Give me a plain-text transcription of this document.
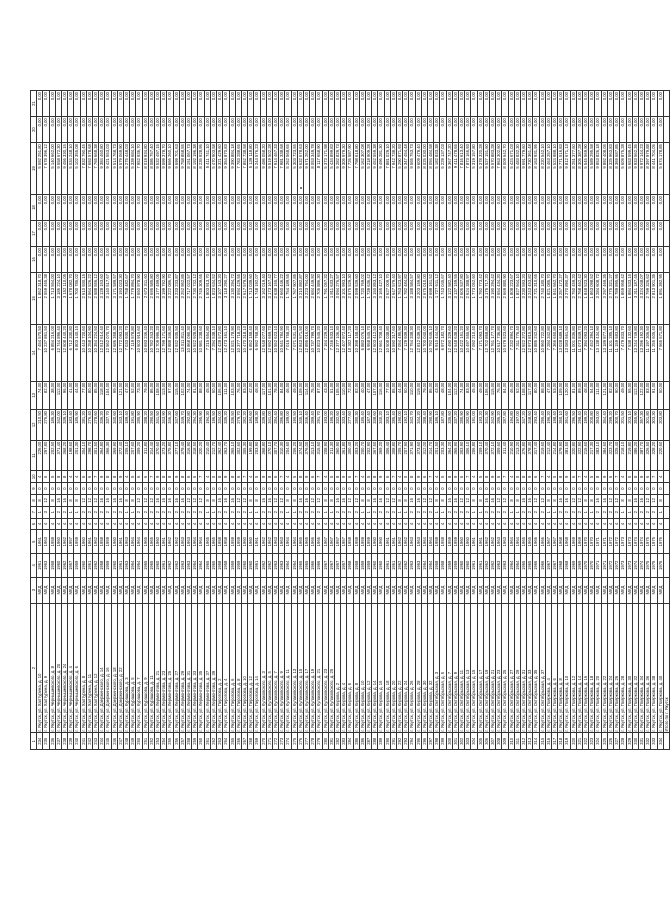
1	2	3	4	5	6	7	8	9	10	11	12	13	14	15	16	17	18	19	20	21
234	г. Якутск, ул. Халтурина, д. 10	МКД	1961	1961	4	1	8	0	4	226,00	210,50	74,00	7 454 570,50	1 862 318,70	0,00	0,00	0,00	5 592 251,80	0,00	0,00
235	г. Якутск, ул. Халтурина, д. 9	МКД	1963	1963	4	3	12	0	6	297,80	276,80	82,00	10 237 861,50	2 559 465,38	0,00	0,00	0,00	7 678 396,12	0,00	0,00
236	г. Якутск, ул. Чернышевского, д. 8	МКД	1958	1958	4	1	8	0	5	202,50	186,30	38,00	6 854 216,00	1 713 554,00	0,00	0,00	0,00	5 140 662,00	0,00	0,00
237	г. Якутск, ул. Чернышевского, д. 20	МКД	1960	1960	4	2	16	0	8	371,40	342,00	112,00	12 744 896,40	3 186 224,10	0,00	0,00	0,00	9 558 672,30	0,00	0,00
238	г. Якутск, ул. Чернышевского, д. 24	МКД	1962	1962	4	2	16	0	8	368,20	339,10	96,00	12 608 440,20	3 152 110,05	0,00	0,00	0,00	9 456 330,15	0,00	0,00
239	г. Якутск, ул. Чернышевского, д. 4	МКД	1957	1957	4	1	8	0	4	198,60	183,40	41,00	6 712 330,80	1 678 082,70	0,00	0,00	0,00	5 034 248,10	0,00	0,00
240	г. Якутск, ул. Чернышевского, д. 6	МКД	1959	1959	4	1	8	0	4	201,30	185,90	44,00	6 803 140,10	1 700 785,02	0,00	0,00	0,00	5 102 355,08	0,00	0,00
241	г. Якутск, ул. Халтурина, д. 8	МКД	1960	1960	4	2	12	0	6	304,10	281,20	77,00	10 443 720,60	2 610 930,15	0,00	0,00	0,00	7 832 790,45	0,00	0,00
242	г. Якутск, ул. Халтурина, д. 11	МКД	1961	1961	4	2	12	0	6	298,70	276,40	80,00	10 258 104,90	2 564 526,22	0,00	0,00	0,00	7 693 578,68	0,00	0,00
243	г. Якутск, ул. Халтурина, д. 12	МКД	1962	1962	4	2	12	0	7	301,50	278,60	85,00	10 354 224,50	2 588 556,12	0,00	0,00	0,00	7 765 668,38	0,00	0,00
244	г. Якутск, ул. Дзержинского, д. 14	МКД	1958	1958	4	2	16	0	9	364,80	336,20	118,00	12 512 614,40	3 128 153,60	0,00	0,00	0,00	9 384 460,80	0,00	0,00
245	г. Якутск, ул. Дзержинского, д. 16	МКД	1959	1959	4	2	16	0	8	366,30	337,70	104,00	12 562 070,70	3 140 517,67	0,00	0,00	0,00	9 421 553,03	0,00	0,00
246	г. Якутск, ул. Дзержинского, д. 18	МКД	1960	1960	4	2	16	0	8	369,90	340,60	99,00	12 686 358,30	3 171 589,57	0,00	0,00	0,00	9 514 768,73	0,00	0,00
247	г. Якутск, ул. Дзержинского, д. 22	МКД	1961	1961	4	2	16	0	9	372,40	343,10	121,00	12 772 093,20	3 193 023,30	0,00	0,00	0,00	9 579 069,90	0,00	0,00
248	г. Якутск, ул. Курашова, д. 3	МКД	1963	1963	4	1	8	0	4	205,10	189,40	47,00	7 033 930,70	1 758 482,67	0,00	0,00	0,00	5 275 448,03	0,00	0,00
249	г. Якутск, ул. Курашова, д. 5	МКД	1964	1964	4	1	8	0	5	207,60	191,80	52,00	7 119 578,80	1 779 894,70	0,00	0,00	0,00	5 339 684,10	0,00	0,00
250	г. Якутск, ул. Курашова, д. 7	МКД	1964	1964	4	2	12	0	6	309,20	285,90	73,00	10 603 915,60	2 650 978,90	0,00	0,00	0,00	7 952 936,70	0,00	0,00
251	г. Якутск, ул. Курашова, д. 9	МКД	1965	1965	4	2	12	0	6	311,80	288,20	79,00	10 693 246,40	2 673 311,60	0,00	0,00	0,00	8 019 934,80	0,00	0,00
252	г. Якутск, ул. Курашова, д. 11	МКД	1965	1965	4	2	12	0	7	314,40	290,50	86,00	10 782 343,20	2 695 585,80	0,00	0,00	0,00	8 086 757,40	0,00	0,00
253	г. Якутск, ул. Лермонтова, д. 21	МКД	1960	1960	4	2	16	0	9	370,60	341,50	108,00	12 709 996,20	3 177 499,05	0,00	0,00	0,00	9 532 497,15	0,00	0,00
254	г. Якутск, ул. Лермонтова, д. 23	МКД	1961	1961	4	2	16	0	8	373,20	343,90	113,00	12 799 171,60	3 199 792,90	0,00	0,00	0,00	9 599 378,70	0,00	0,00
255	г. Якутск, ул. Лермонтова, д. 25	МКД	1962	1962	4	2	16	0	8	375,80	346,30	97,00	12 888 346,80	3 222 086,70	0,00	0,00	0,00	9 666 260,10	0,00	0,00
256	г. Якутск, ул. Лермонтова, д. 27	МКД	1962	1962	4	2	16	0	9	377,10	347,60	115,00	12 932 935,50	3 233 233,87	0,00	0,00	0,00	9 699 701,63	0,00	0,00
257	г. Якутск, ул. Лермонтова, д. 29	МКД	1963	1963	4	2	16	0	8	379,40	349,70	102,00	13 011 811,40	3 252 952,85	0,00	0,00	0,00	9 758 858,55	0,00	0,00
258	г. Якутск, ул. Лермонтова, д. 31	МКД	1963	1963	4	2	12	0	6	316,90	292,80	74,00	10 868 090,30	2 717 022,57	0,00	0,00	0,00	8 151 067,73	0,00	0,00
259	г. Якутск, ул. Лермонтова, д. 33	МКД	1964	1964	4	2	12	0	6	318,50	294,30	81,00	10 922 928,50	2 730 732,12	0,00	0,00	0,00	8 192 196,38	0,00	0,00
260	г. Якутск, ул. Лермонтова, д. 35	МКД	1964	1964	4	2	12	0	7	320,20	295,90	88,00	10 981 238,60	2 745 309,65	0,00	0,00	0,00	8 235 928,95	0,00	0,00
261	г. Якутск, ул. Лермонтова, д. 37	МКД	1965	1965	4	1	8	0	4	210,40	194,30	45,00	7 215 654,80	1 803 913,70	0,00	0,00	0,00	5 411 741,10	0,00	0,00
262	г. Якутск, ул. Лермонтова, д. 39	МКД	1965	1965	4	1	8	0	5	212,70	196,50	50,00	7 294 538,10	1 823 634,52	0,00	0,00	0,00	5 470 903,58	0,00	0,00
263	г. Якутск, ул. Пирогова, д. 2	МКД	1958	1958	4	2	16	0	8	362,40	334,00	106,00	12 428 572,80	3 107 143,20	0,00	0,00	0,00	9 321 429,60	0,00	0,00
264	г. Якутск, ул. Пирогова, д. 4	МКД	1958	1958	4	2	16	0	9	363,70	335,20	111,00	12 473 161,10	3 118 290,27	0,00	0,00	0,00	9 354 870,83	0,00	0,00
265	г. Якутск, ул. Пирогова, д. 6	МКД	1959	1959	4	2	16	0	8	365,10	336,50	103,00	12 521 178,90	3 130 294,72	0,00	0,00	0,00	9 390 884,18	0,00	0,00
266	г. Якутск, ул. Пирогова, д. 8	МКД	1959	1959	4	2	12	0	6	302,60	279,70	76,00	10 377 718,20	2 594 429,55	0,00	0,00	0,00	7 783 288,65	0,00	0,00
267	г. Якутск, ул. Пирогова, д. 10	МКД	1960	1960	4	2	12	0	7	305,30	282,20	83,00	10 470 318,10	2 617 579,52	0,00	0,00	0,00	7 852 738,58	0,00	0,00
268	г. Якутск, ул. Пирогова, д. 12	МКД	1960	1960	4	1	8	0	4	199,80	184,60	42,00	6 852 158,40	1 713 039,60	0,00	0,00	0,00	5 139 118,80	0,00	0,00
269	г. Якутск, ул. Пирогова, д. 14	МКД	1961	1961	4	1	8	0	5	203,90	188,30	48,00	6 992 768,30	1 748 192,07	0,00	0,00	0,00	5 244 576,23	0,00	0,00
270	г. Якутск, ул. Кулаковского, д. 3	МКД	1962	1962	4	2	16	0	9	368,80	339,80	117,00	12 648 077,60	3 162 019,40	0,00	0,00	0,00	9 486 058,20	0,00	0,00
271	г. Якутск, ул. Кулаковского, д. 5	МКД	1962	1962	4	2	16	0	8	370,10	341,00	101,00	12 692 669,70	3 173 167,42	0,00	0,00	0,00	9 519 502,28	0,00	0,00
272	г. Якутск, ул. Кулаковского, д. 7	МКД	1963	1963	4	2	12	0	6	307,70	284,40	78,00	10 552 623,10	2 638 155,77	0,00	0,00	0,00	7 914 467,33	0,00	0,00
273	г. Якутск, ул. Кулаковского, д. 9	МКД	1963	1963	4	2	12	0	7	310,30	286,80	84,00	10 641 784,90	2 660 446,22	0,00	0,00	0,00	7 981 338,68	0,00	0,00
274	г. Якутск, ул. Кулаковского, д. 11	МКД	1964	1964	4	1	8	0	4	204,60	189,00	46,00	7 016 758,20	1 754 189,55	0,00	0,00	0,00	5 262 568,65	0,00	0,00
275	г. Якутск, ул. Кулаковского, д. 13	МКД	1964	1964	4	1	8	0	5	206,20	190,50	49,00	7 071 631,40	1 767 907,85	0,00	0,00	0,00	5 303 723,55	0,00	0,00
276	г. Якутск, ул. Кулаковского, д. 15	МКД	1965	1965	4	2	16	0	8	374,50	345,10	109,00	12 843 571,50	3 210 892,87	0,00	0,00	0,00	9 632 678,63	0,00	0,00
277	г. Якутск, ул. Кулаковского, д. 17	МКД	1965	1965	4	2	16	0	9	376,00	346,40	114,00	12 895 016,00	3 223 754,00	0,00	0,00	0,00	9 671 262,00	0,00	0,00
278	г. Якутск, ул. Кулаковского, д. 19	МКД	1966	1966	4	2	12	0	6	313,10	289,40	75,00	10 737 799,70	2 684 449,92	0,00	0,00	0,00	8 053 349,78	0,00	0,00
279	г. Якутск, ул. Кулаковского, д. 21	МКД	1966	1966	4	2	12	0	7	315,60	291,70	87,00	10 823 545,20	2 705 886,30	0,00	0,00	0,00	8 117 658,90	0,00	0,00
280	г. Якутск, ул. Кулаковского, д. 23	МКД	1967	1967	4	1	8	0	4	208,90	193,00	43,00	7 164 229,30	1 791 057,32	0,00	0,00	0,00	5 373 171,98	0,00	0,00
281	г. Якутск, ул. Кулаковского, д. 25	МКД	1967	1967	4	1	8	0	5	211,30	195,20	51,00	7 246 533,10	1 811 633,27	0,00	0,00	0,00	5 434 899,83	0,00	0,00
282	г. Якутск, ул. Кирова, д. 2	МКД	1957	1957	4	2	16	0	8	360,90	332,60	105,00	12 377 106,30	3 094 276,57	0,00	0,00	0,00	9 282 829,73	0,00	0,00
283	г. Якутск, ул. Кирова, д. 4	МКД	1957	1957	4	2	16	0	9	361,80	333,40	110,00	12 407 972,40	3 101 993,10	0,00	0,00	0,00	9 305 979,30	0,00	0,00
284	г. Якутск, ул. Кирова, д. 6	МКД	1958	1958	4	2	12	0	6	300,40	277,60	72,00	10 302 117,20	2 575 529,30	0,00	0,00	0,00	7 726 587,90	0,00	0,00
285	г. Якутск, ул. Кирова, д. 8	МКД	1958	1958	4	2	12	0	7	303,20	280,30	82,00	10 398 158,40	2 599 539,60	0,00	0,00	0,00	7 798 618,80	0,00	0,00
286	г. Якутск, ул. Кирова, д. 10	МКД	1959	1959	4	1	8	0	4	200,70	185,40	40,00	6 883 076,10	1 720 769,02	0,00	0,00	0,00	5 162 307,08	0,00	0,00
287	г. Якутск, ул. Кирова, д. 12	МКД	1959	1959	4	1	8	0	5	202,90	187,40	47,00	6 958 545,70	1 739 636,42	0,00	0,00	0,00	5 218 909,28	0,00	0,00
288	г. Якутск, ул. Кирова, д. 14	МКД	1960	1960	4	2	16	0	8	367,50	338,60	107,00	12 603 412,50	3 150 853,12	0,00	0,00	0,00	9 452 559,38	0,00	0,00
289	г. Якутск, ул. Кирова, д. 16	МКД	1960	1960	4	2	16	0	9	369,20	340,20	116,00	12 661 708,40	3 165 427,10	0,00	0,00	0,00	9 496 281,30	0,00	0,00
290	г. Якутск, ул. Кирова, д. 18	МКД	1961	1961	4	2	12	0	6	306,40	283,10	77,00	10 508 038,80	2 627 009,70	0,00	0,00	0,00	7 881 029,10	0,00	0,00
291	г. Якутск, ул. Кирова, д. 20	МКД	1961	1961	4	2	12	0	7	308,80	285,40	85,00	10 590 317,60	2 647 579,40	0,00	0,00	0,00	7 942 738,20	0,00	0,00
292	г. Якутск, ул. Кирова, д. 22	МКД	1962	1962	4	1	8	0	4	205,70	190,00	44,00	7 054 495,90	1 763 623,97	0,00	0,00	0,00	5 290 871,93	0,00	0,00
293	г. Якутск, ул. Кирова, д. 24	МКД	1962	1962	4	1	8	0	5	207,90	192,10	50,00	7 129 939,30	1 782 484,82	0,00	0,00	0,00	5 347 454,48	0,00	0,00
294	г. Якутск, ул. Кирова, д. 26	МКД	1963	1963	4	2	16	0	8	371,90	342,70	110,00	12 754 338,30	3 188 584,57	0,00	0,00	0,00	9 565 753,73	0,00	0,00
295	г. Якутск, ул. Кирова, д. 28	МКД	1963	1963	4	2	16	0	9	373,60	344,20	119,00	12 812 639,20	3 203 159,80	0,00	0,00	0,00	9 609 479,40	0,00	0,00
296	г. Якутск, ул. Кирова, д. 30	МКД	1964	1964	4	2	12	0	6	312,00	288,40	79,00	10 700 040,00	2 675 010,00	0,00	0,00	0,00	8 025 030,00	0,00	0,00
297	г. Якутск, ул. Кирова, д. 32	МКД	1964	1964	4	2	12	0	7	314,70	290,90	86,00	10 792 646,10	2 698 161,52	0,00	0,00	0,00	8 094 484,58	0,00	0,00
298	г. Якутск, ул. Октябрьская, д. 3	МКД	1958	1958	4	1	8	0	4	201,50	186,10	43,00	6 910 444,50	1 727 611,12	0,00	0,00	0,00	5 182 833,38	0,00	0,00
299	г. Якутск, ул. Октябрьская, д. 5	МКД	1958	1958	4	1	8	0	5	203,30	187,80	48,00	6 972 182,70	1 743 045,67	0,00	0,00	0,00	5 229 137,03	0,00	0,00
300	г. Якутск, ул. Октябрьская, д. 7	МКД	1959	1959	4	2	16	0	8	364,20	335,60	104,00	12 490 329,60	3 122 582,40	0,00	0,00	0,00	9 367 747,20	0,00	0,00
301	г. Якутск, ул. Октябрьская, д. 9	МКД	1959	1959	4	2	16	0	9	365,90	337,20	112,00	12 548 638,20	3 137 159,55	0,00	0,00	0,00	9 411 478,65	0,00	0,00
302	г. Якутск, ул. Октябрьская, д. 11	МКД	1960	1960	4	2	12	0	6	303,90	280,90	74,00	10 422 151,20	2 605 537,80	0,00	0,00	0,00	7 816 613,40	0,00	0,00
303	г. Якутск, ул. Октябрьская, д. 13	МКД	1960	1960	4	2	12	0	7	306,10	282,90	83,00	10 497 555,90	2 624 388,97	0,00	0,00	0,00	7 873 166,93	0,00	0,00
304	г. Якутск, ул. Октябрьская, д. 15	МКД	1961	1961	4	1	8	0	4	206,80	191,00	45,00	7 092 210,40	1 773 052,60	0,00	0,00	0,00	5 319 157,80	0,00	0,00
305	г. Якутск, ул. Октябрьская, д. 17	МКД	1961	1961	4	1	8	0	5	209,10	193,20	49,00	7 171 093,70	1 792 773,42	0,00	0,00	0,00	5 378 320,28	0,00	0,00
306	г. Якутск, ул. Октябрьская, д. 19	МКД	1962	1962	4	2	16	0	8	370,40	341,30	106,00	12 702 868,80	3 175 717,20	0,00	0,00	0,00	9 527 151,60	0,00	0,00
307	г. Якутск, ул. Октябрьская, д. 21	МКД	1962	1962	4	2	16	0	9	372,10	342,90	115,00	12 761 177,70	3 190 294,42	0,00	0,00	0,00	9 570 883,28	0,00	0,00
308	г. Якутск, ул. Октябрьская, д. 23	МКД	1963	1963	4	2	12	0	6	309,60	286,20	76,00	10 617 736,80	2 654 434,20	0,00	0,00	0,00	7 963 302,60	0,00	0,00
309	г. Якутск, ул. Октябрьская, д. 25	МКД	1963	1963	4	2	12	0	7	311,40	287,80	84,00	10 679 523,60	2 669 880,90	0,00	0,00	0,00	8 009 642,70	0,00	0,00
310	г. Якутск, ул. Октябрьская, д. 27	МКД	1964	1964	4	1	8	0	4	210,90	194,80	46,00	7 232 894,70	1 808 223,67	0,00	0,00	0,00	5 424 671,03	0,00	0,00
311	г. Якутск, ул. Октябрьская, д. 29	МКД	1964	1964	4	1	8	0	5	213,20	197,00	52,00	7 311 776,40	1 827 944,10	0,00	0,00	0,00	5 483 832,30	0,00	0,00
312	г. Якутск, ул. Октябрьская, д. 31	МКД	1965	1965	4	2	16	0	8	376,80	347,20	108,00	12 922 372,80	3 230 593,20	0,00	0,00	0,00	9 691 779,60	0,00	0,00
313	г. Якутск, ул. Октябрьская, д. 33	МКД	1965	1965	4	2	16	0	9	378,30	348,60	117,00	12 973 815,30	3 243 453,82	0,00	0,00	0,00	9 730 361,48	0,00	0,00
314	г. Якутск, ул. Октябрьская, д. 35	МКД	1966	1966	4	2	12	0	6	317,40	293,40	80,00	10 885 242,60	2 721 310,65	0,00	0,00	0,00	8 163 931,95	0,00	0,00
315	г. Якутск, ул. Октябрьская, д. 37	МКД	1966	1966	4	2	12	0	7	319,60	295,40	88,00	10 960 722,80	2 740 180,70	0,00	0,00	0,00	8 220 542,10	0,00	0,00
316	г. Якутск, ул. Пояркова, д. 4	МКД	1967	1967	4	1	8	0	4	212,40	196,20	47,00	7 284 342,80	1 821 085,70	0,00	0,00	0,00	5 463 257,10	0,00	0,00
317	г. Якутск, ул. Пояркова, д. 6	МКД	1967	1967	4	1	8	0	5	214,80	198,40	53,00	7 366 650,80	1 841 662,70	0,00	0,00	0,00	5 524 988,10	0,00	0,00
318	г. Якутск, ул. Пояркова, д. 8	МКД	1968	1968	4	2	16	0	8	379,90	350,10	109,00	13 028 689,10	3 257 172,27	0,00	0,00	0,00	9 771 516,83	0,00	0,00
319	г. Якутск, ул. Пояркова, д. 10	МКД	1968	1968	4	2	16	0	9	381,50	351,60	120,00	13 083 561,50	3 270 890,37	0,00	0,00	0,00	9 812 671,13	0,00	0,00
320	г. Якутск, ул. Пояркова, д. 12	МКД	1969	1969	4	2	12	0	6	320,80	296,50	81,00	11 001 836,80	2 750 459,20	0,00	0,00	0,00	8 251 377,60	0,00	0,00
321	г. Якутск, ул. Пояркова, д. 14	МКД	1969	1969	4	2	12	0	7	322,90	298,40	89,00	11 073 849,70	2 768 462,42	0,00	0,00	0,00	8 305 387,28	0,00	0,00
322	г. Якутск, ул. Пояркова, д. 16	МКД	1970	1970	4	1	8	0	4	215,60	199,20	48,00	7 394 093,20	1 848 523,30	0,00	0,00	0,00	5 545 569,90	0,00	0,00
323	г. Якутск, ул. Пояркова, д. 18	МКД	1970	1970	4	1	8	0	5	217,30	200,80	54,00	7 452 394,10	1 863 098,52	0,00	0,00	0,00	5 589 295,58	0,00	0,00
324	г. Якутск, ул. Пояркова, д. 20	МКД	1971	1971	4	2	16	0	8	383,10	353,00	111,00	13 138 434,90	3 284 608,72	0,00	0,00	0,00	9 853 826,18	0,00	0,00
325	г. Якутск, ул. Пояркова, д. 22	МКД	1971	1971	4	2	16	0	9	384,60	354,40	121,00	13 189 877,40	3 297 469,35	0,00	0,00	0,00	9 892 408,05	0,00	0,00
326	г. Якутск, ул. Пояркова, д. 24	МКД	1972	1972	4	2	12	0	6	323,70	299,20	82,00	11 101 285,10	2 775 321,27	0,00	0,00	0,00	8 325 963,83	0,00	0,00
327	г. Якутск, ул. Пояркова, д. 26	МКД	1972	1972	4	2	12	0	7	325,40	300,70	90,00	11 159 583,80	2 789 895,95	0,00	0,00	0,00	8 369 687,85	0,00	0,00
328	г. Якутск, ул. Пояркова, д. 28	МКД	1973	1973	4	1	8	0	4	218,10	201,50	49,00	7 479 833,70	1 869 958,42	0,00	0,00	0,00	5 609 875,28	0,00	0,00
329	г. Якутск, ул. Пояркова, д. 30	МКД	1973	1973	4	1	8	0	5	219,80	203,10	55,00	7 538 132,60	1 884 533,15	0,00	0,00	0,00	5 653 599,45	0,00	0,00
330	г. Якутск, ул. Пояркова, д. 32	МКД	1974	1974	4	2	16	0	8	386,20	355,90	112,00	13 244 749,80	3 311 187,45	0,00	0,00	0,00	9 933 562,35	0,00	0,00
331	г. Якутск, ул. Пояркова, д. 34	МКД	1974	1974	4	2	16	0	9	387,70	357,30	122,00	13 296 192,30	3 324 048,07	0,00	0,00	0,00	9 972 144,23	0,00	0,00
332	г. Якутск, ул. Пояркова, д. 36	МКД	1975	1975	4	2	12	0	6	326,50	301,80	83,00	11 197 306,50	2 799 326,62	0,00	0,00	0,00	8 397 979,88	0,00	0,00
333	г. Якутск, ул. Пояркова, д. 38	МКД	1975	1975	4	2	12	0	7	328,20	303,30	91,00	11 255 605,40	2 813 901,35	0,00	0,00	0,00	8 441 704,05	0,00	0,00
334	г. Якутск, ул. Пояркова, д. 40	МКД	1976	1976	4	1	8	0	4	220,60	203,80	50,00	7 565 571,80	1 891 392,95	0,00	0,00	0,00	5 674 178,85	0,00	0,00
	Итого по г. Якутск																			
